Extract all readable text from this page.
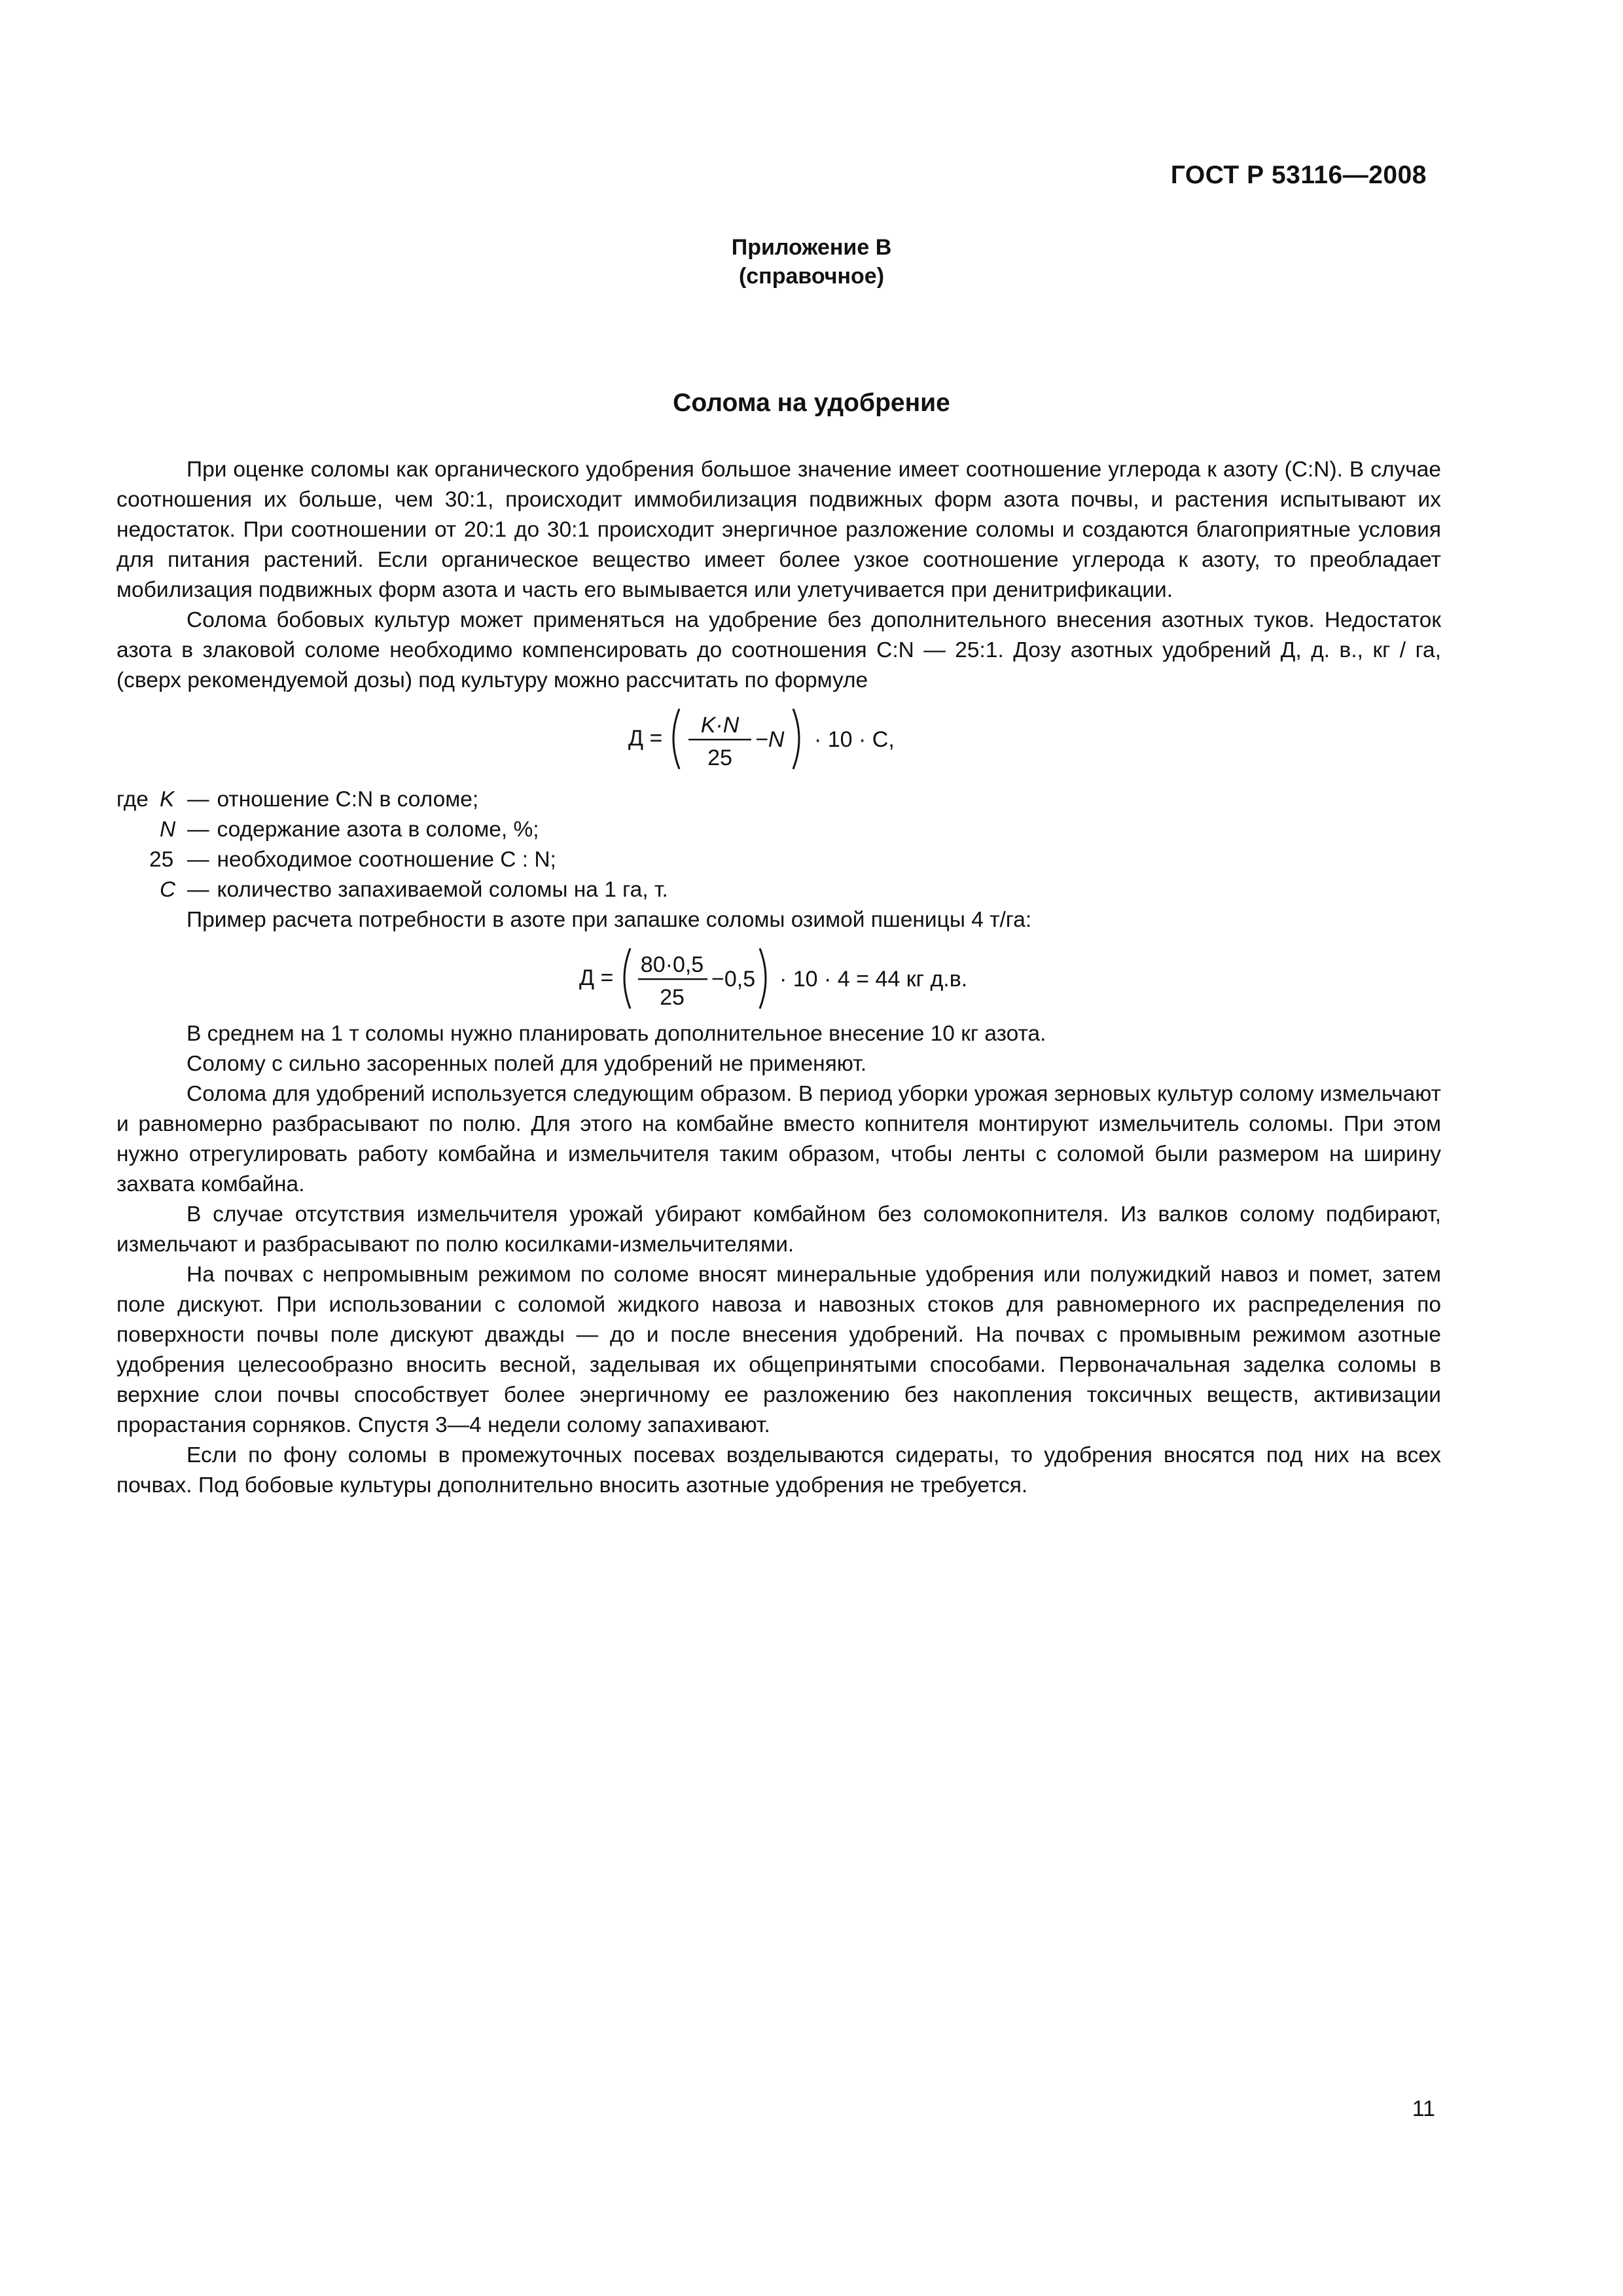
ГОСТ Р 53116—2008
Приложение В
(справочное)
Солома на удобрение

При оценке соломы как органического удобрения большое значение имеет соотношение углерода к азоту (C:N). В случае соотношения их больше, чем 30:1, происходит иммобилизация подвижных форм азота почвы, и растения испытывают их недостаток. При соотношении от 20:1 до 30:1 происходит энергичное разложение соломы и создаются благоприятные условия для питания растений. Если органическое вещество имеет более узкое соотношение углерода к азоту, то преобладает мобилизация подвижных форм азота и часть его вымывается или улетучивается при денитрификации.

Солома бобовых культур может применяться на удобрение без дополнительного внесения азотных туков. Недостаток азота в злаковой соломе необходимо компенсировать до соотношения C:N — 25:1. Дозу азотных удобрений Д, д. в., кг / га, (сверх рекомендуемой дозы) под культуру можно рассчитать по формуле

Д =
K·N
25
−N · 10 · C,
где K — отношение C:N в соломе;
N — содержание азота в соломе, %;
25 — необходимое соотношение C : N;
C — количество запахиваемой соломы на 1 га, т.

Пример расчета потребности в азоте при запашке соломы озимой пшеницы 4 т/га:

Д =
80·0,5
25
−0,5 · 10 · 4 = 44 кг д.в.

В среднем на 1 т соломы нужно планировать дополнительное внесение 10 кг азота.

Солому с сильно засоренных полей для удобрений не применяют.

Солома для удобрений используется следующим образом. В период уборки урожая зерновых культур солому измельчают и равномерно разбрасывают по полю. Для этого на комбайне вместо копнителя монтируют измельчитель соломы. При этом нужно отрегулировать работу комбайна и измельчителя таким образом, чтобы ленты с соломой были размером на ширину захвата комбайна.

В случае отсутствия измельчителя урожай убирают комбайном без соломокопнителя. Из валков солому подбирают, измельчают и разбрасывают по полю косилками-измельчителями.

На почвах с непромывным режимом по соломе вносят минеральные удобрения или полужидкий навоз и помет, затем поле дискуют. При использовании с соломой жидкого навоза и навозных стоков для равномерного их распределения по поверхности почвы поле дискуют дважды — до и после внесения удобрений. На почвах с промывным режимом азотные удобрения целесообразно вносить весной, заделывая их общепринятыми способами. Первоначальная заделка соломы в верхние слои почвы способствует более энергичному ее разложению без накопления токсичных веществ, активизации прорастания сорняков. Спустя 3—4 недели солому запахивают.

Если по фону соломы в промежуточных посевах возделываются сидераты, то удобрения вносятся под них на всех почвах. Под бобовые культуры дополнительно вносить азотные удобрения не требуется.

11
